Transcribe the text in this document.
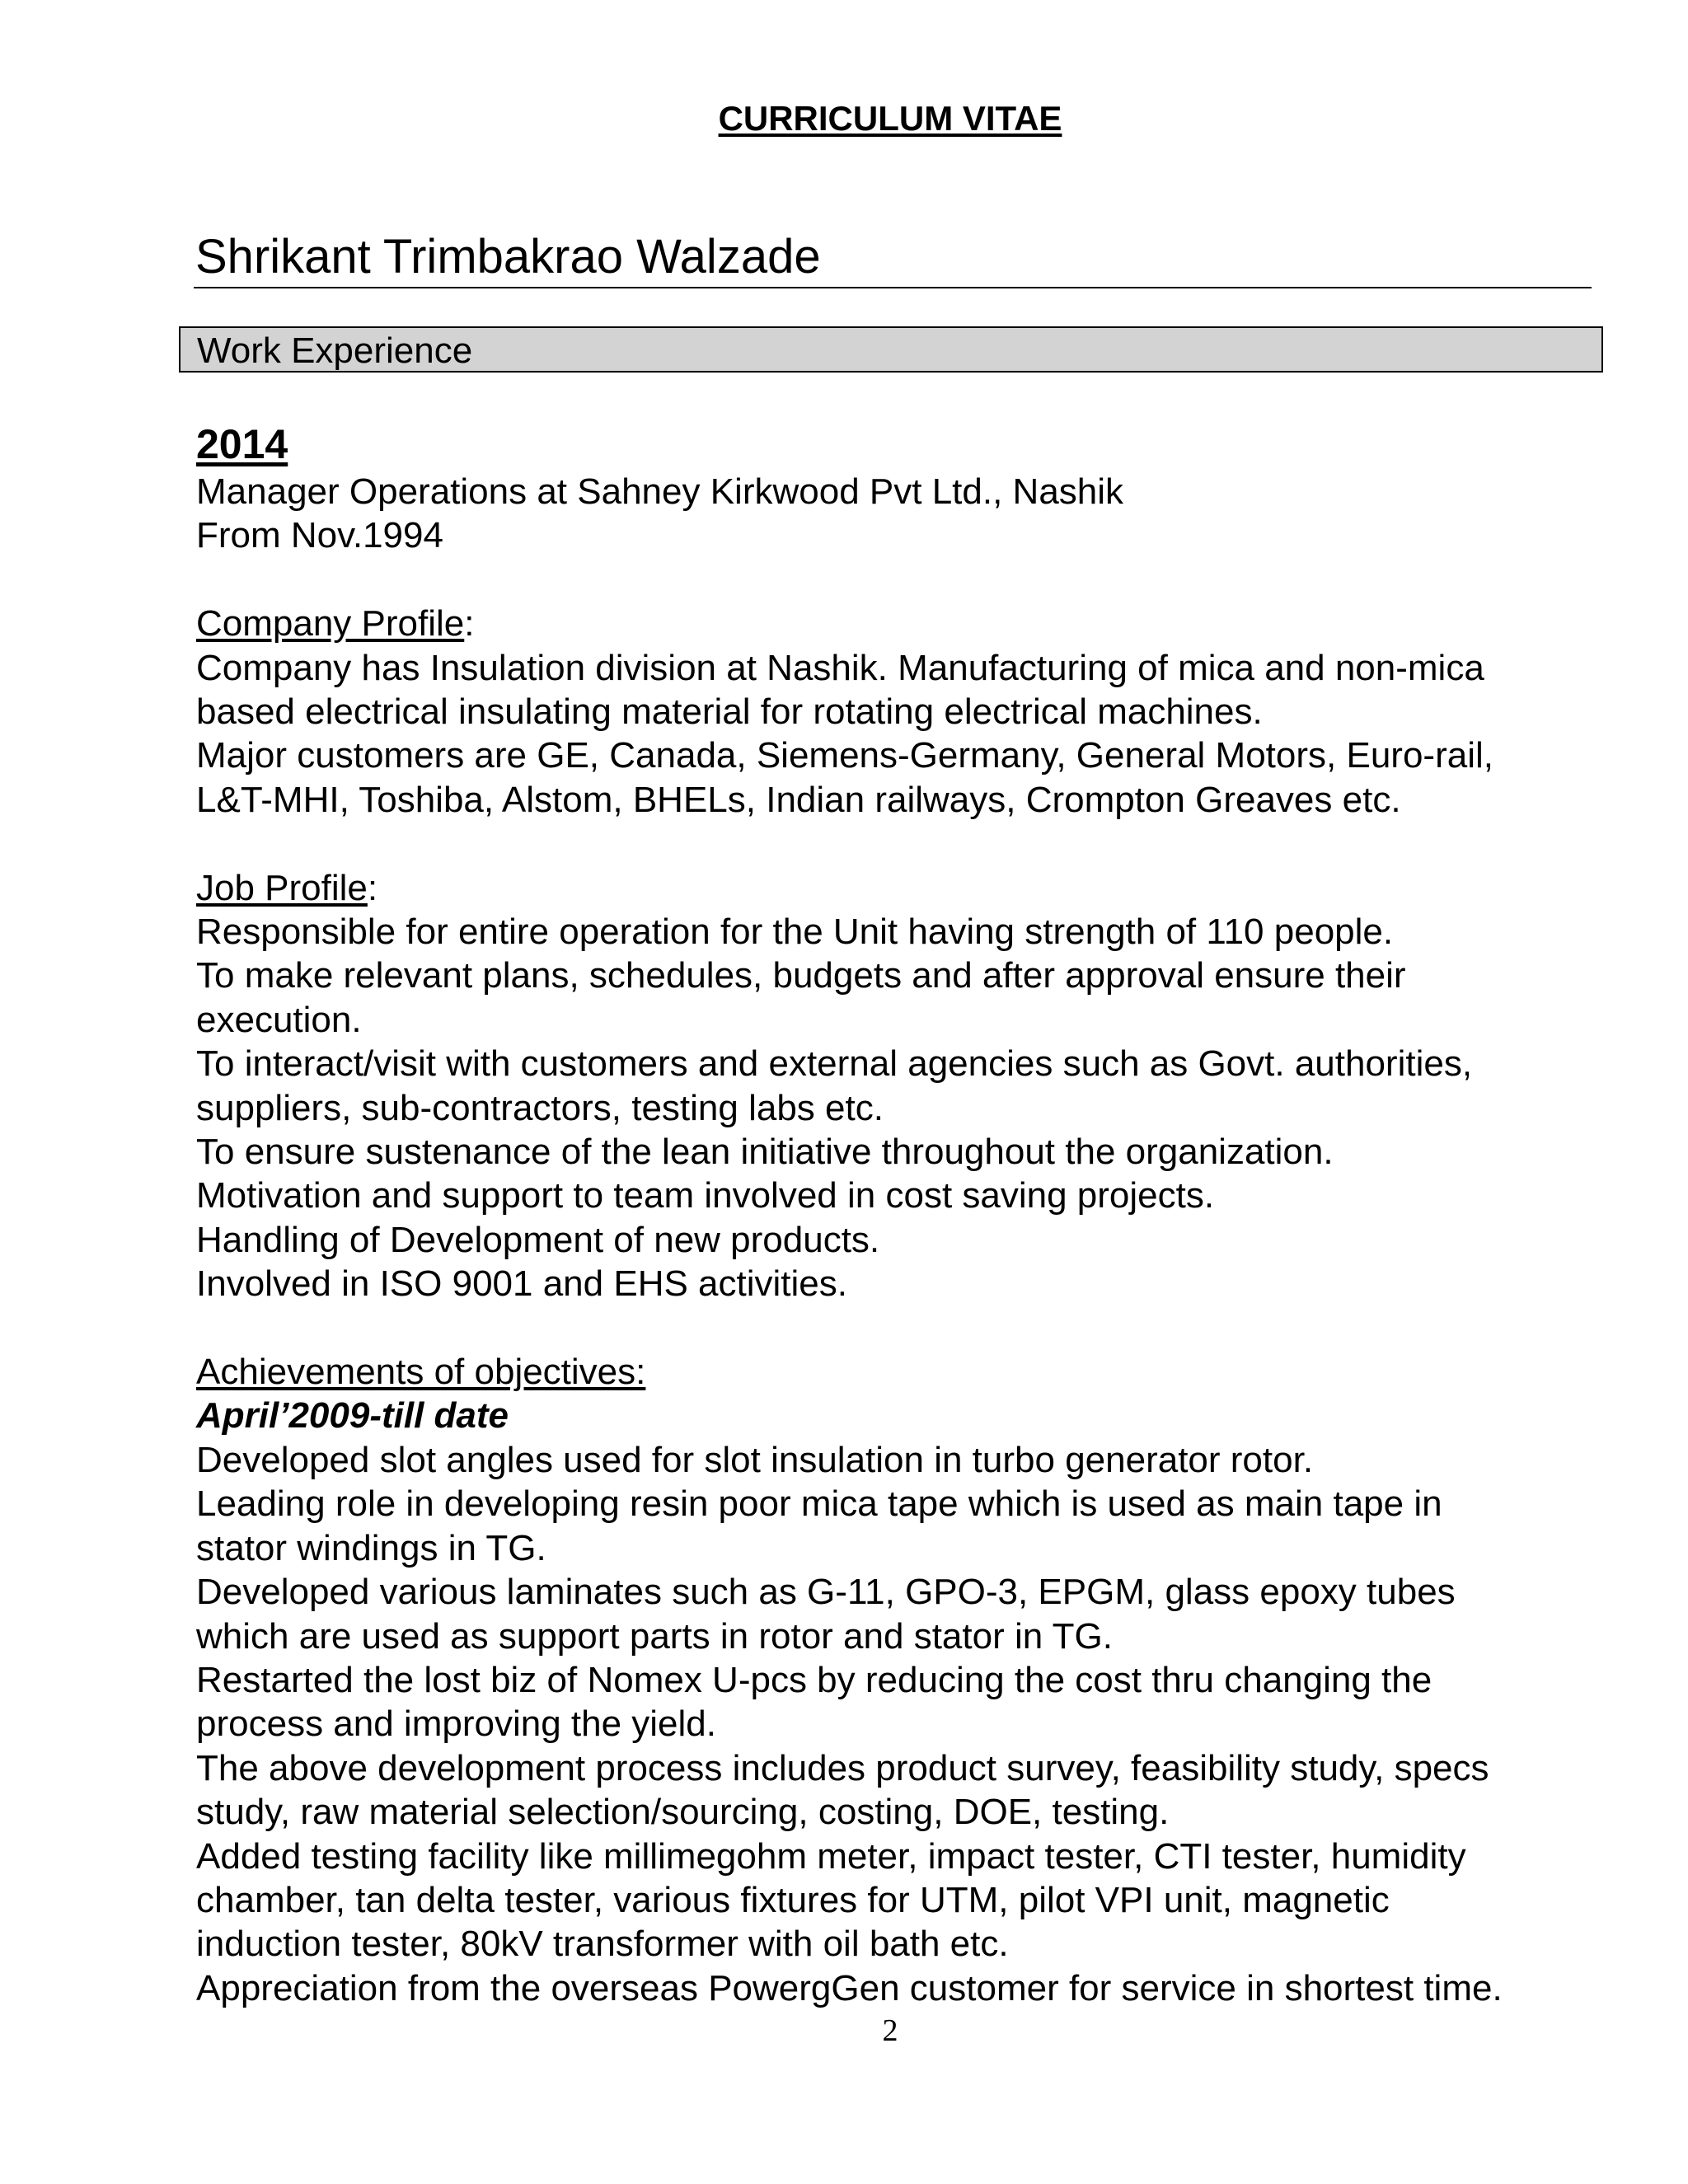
CURRICULUM VITAE
Shrikant Trimbakrao Walzade
Work Experience
2014
Manager Operations at Sahney Kirkwood Pvt Ltd., Nashik
From Nov.1994
Company Profile:
Company has Insulation division at Nashik. Manufacturing of mica and non-mica
based electrical insulating material for rotating electrical machines.
Major customers are GE, Canada, Siemens-Germany, General Motors, Euro-rail,
L&T-MHI, Toshiba, Alstom, BHELs, Indian railways, Crompton Greaves etc.
Job Profile:
Responsible for entire operation for the Unit having strength of 110 people.
To make relevant plans, schedules, budgets and after approval ensure their
execution.
To interact/visit with customers and external agencies such as Govt. authorities,
suppliers, sub-contractors, testing labs etc.
To ensure sustenance of the lean initiative throughout the organization.
Motivation and support to team involved in cost saving projects.
Handling of Development of new products.
Involved in ISO 9001 and EHS activities.
Achievements of objectives:
April’2009-till date
Developed slot angles used for slot insulation in turbo generator rotor.
Leading role in developing resin poor mica tape which is used as main tape in
stator windings in TG.
Developed various laminates such as G-11, GPO-3, EPGM, glass epoxy tubes
which are used as support parts in rotor and stator in TG.
Restarted the lost biz of Nomex U-pcs by reducing the cost thru changing the
process and improving the yield.
The above development process includes product survey, feasibility study, specs
study, raw material selection/sourcing, costing, DOE, testing.
Added testing facility like millimegohm meter, impact tester, CTI tester, humidity
chamber, tan delta tester, various fixtures for UTM, pilot VPI unit, magnetic
induction tester, 80kV transformer with oil bath etc.
Appreciation from the overseas PowergGen customer for service in shortest time.
2
